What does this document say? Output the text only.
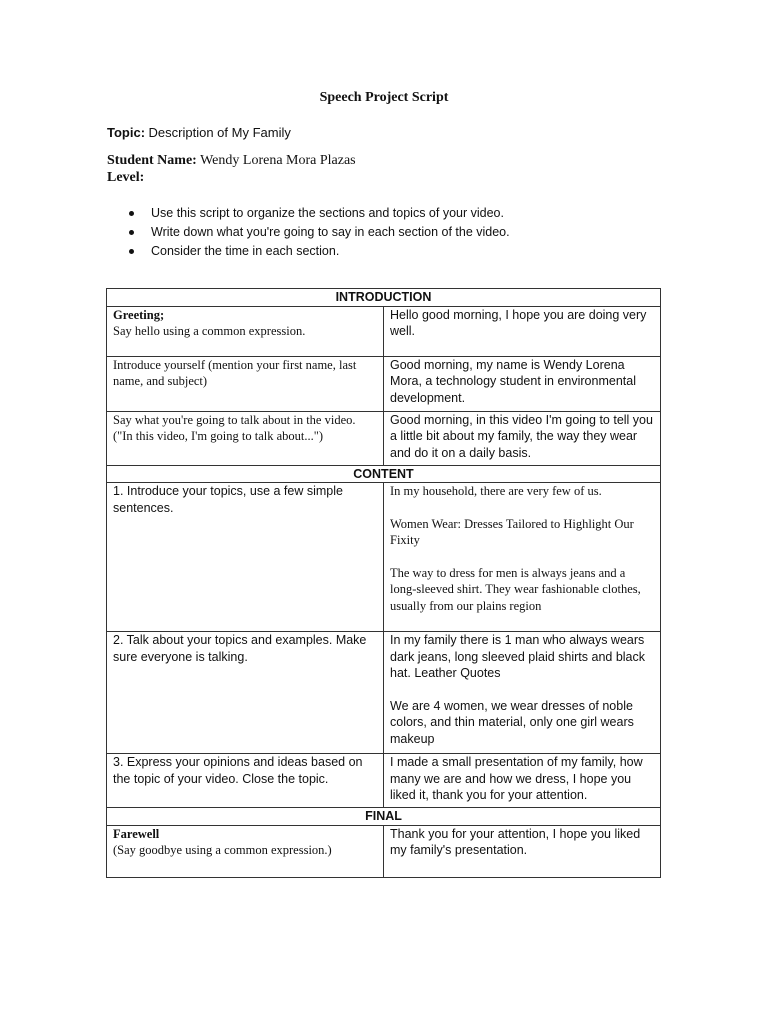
Speech Project Script
Topic: Description of My Family
Student Name: Wendy Lorena Mora Plazas
Level:
Use this script to organize the sections and topics of your video.
Write down what you're going to say in each section of the video.
Consider the time in each section.
INTRODUCTION	

Greeting;
Say hello using a common expression.	Hello good morning, I hope you are doing very well.

Introduce yourself (mention your first name, last name, and subject)	Good morning, my name is Wendy Lorena Mora, a technology student in environmental development.

Say what you're going to talk about in the video. ("In this video, I'm going to talk about...")	Good morning, in this video I'm going to tell you a little bit about my family, the way they wear and do it on a daily basis.

CONTENT	

1. Introduce your topics, use a few simple sentences.	In my household, there are very few of us.

Women Wear: Dresses Tailored to Highlight Our Fixity

The way to dress for men is always jeans and a long-sleeved shirt. They wear fashionable clothes, usually from our plains region

2. Talk about your topics and examples. Make sure everyone is talking.	In my family there is 1 man who always wears dark jeans, long sleeved plaid shirts and black hat. Leather Quotes

We are 4 women, we wear dresses of noble colors, and thin material, only one girl wears makeup

3. Express your opinions and ideas based on the topic of your video. Close the topic.	I made a small presentation of my family, how many we are and how we dress, I hope you liked it, thank you for your attention.

FINAL	

Farewell
(Say goodbye using a common expression.)	Thank you for your attention, I hope you liked my family's presentation.
